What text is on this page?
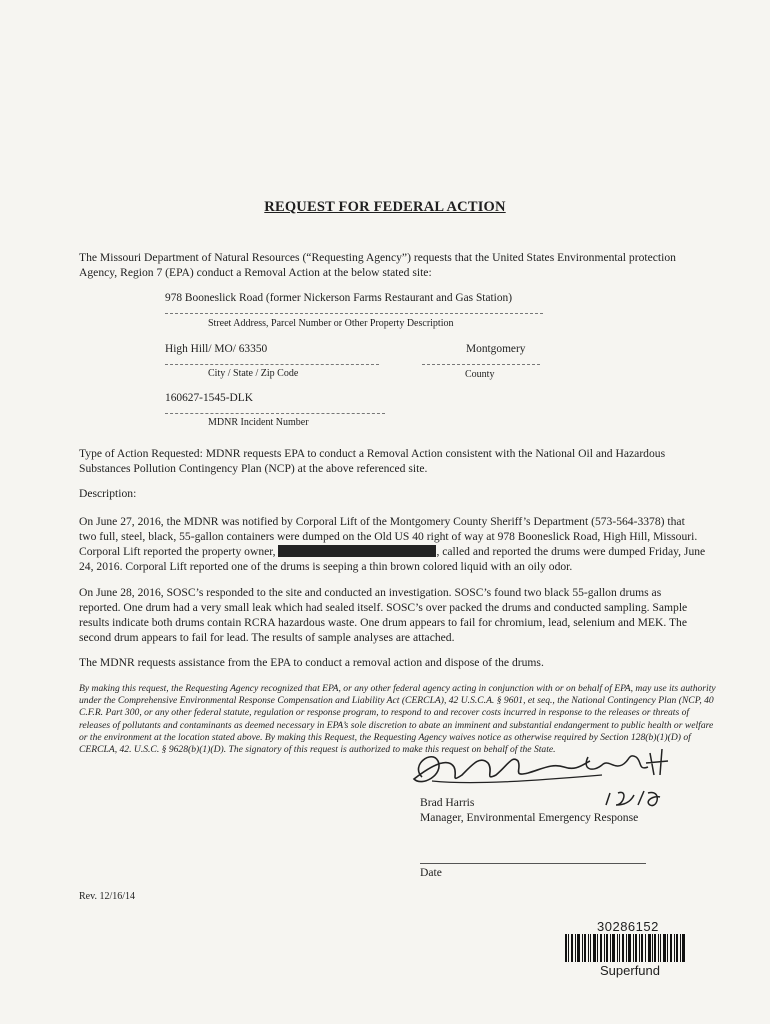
REQUEST FOR FEDERAL ACTION
The Missouri Department of Natural Resources (“Requesting Agency”) requests that the United States Environmental protection
Agency, Region 7 (EPA) conduct a Removal Action at the below stated site:
978 Booneslick Road (former Nickerson Farms Restaurant and Gas Station)
Street Address, Parcel Number or Other Property Description
High Hill/ MO/ 63350	Montgomery
City / State / Zip Code	County
160627-1545-DLK
MDNR Incident Number
Type of Action Requested: MDNR requests EPA to conduct a Removal Action consistent with the National Oil and Hazardous
Substances Pollution Contingency Plan (NCP) at the above referenced site.
Description:
On June 27, 2016, the MDNR was notified by Corporal Lift of the Montgomery County Sheriff’s Department (573-564-3378) that
two full, steel, black, 55-gallon containers were dumped on the Old US 40 right of way at 978 Booneslick Road, High Hill, Missouri.
Corporal Lift reported the property owner,	, called and reported the drums were dumped Friday, June
24, 2016. Corporal Lift reported one of the drums is seeping a thin brown colored liquid with an oily odor.
On June 28, 2016, SOSC’s responded to the site and conducted an investigation. SOSC’s found two black 55-gallon drums as
reported. One drum had a very small leak which had sealed itself. SOSC’s over packed the drums and conducted sampling. Sample
results indicate both drums contain RCRA hazardous waste. One drum appears to fail for chromium, lead, selenium and MEK. The
second drum appears to fail for lead. The results of sample analyses are attached.
The MDNR requests assistance from the EPA to conduct a removal action and dispose of the drums.
By making this request, the Requesting Agency recognized that EPA, or any other federal agency acting in conjunction with or on behalf of EPA, may use its authority
under the Comprehensive Environmental Response Compensation and Liability Act (CERCLA), 42 U.S.C.A. § 9601, et seq., the National Contingency Plan (NCP, 40
C.F.R. Part 300, or any other federal statute, regulation or response program, to respond to and recover costs incurred in response to the releases or threats of
releases of pollutants and contaminants as deemed necessary in EPA’s sole discretion to abate an imminent and substantial endangerment to public health or welfare
or the environment at the location stated above. By making this Request, the Requesting Agency waives notice as otherwise required by Section 128(b)(1)(D) of
CERCLA, 42. U.S.C. § 9628(b)(1)(D). The signatory of this request is authorized to make this request on behalf of the State.
Brad Harris
Manager, Environmental Emergency Response
Date
Rev. 12/16/14
30286152
Superfund
